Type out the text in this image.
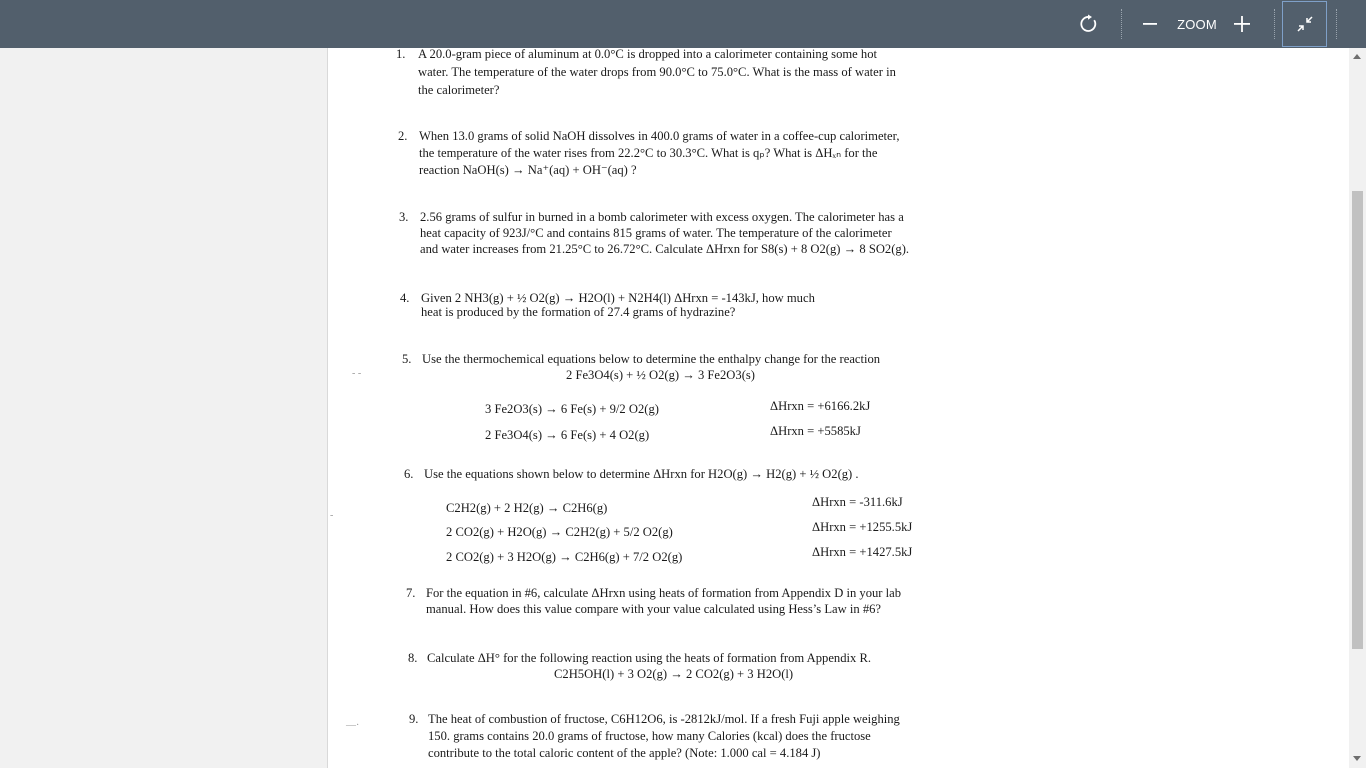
ZOOM
1. A 20.0-gram piece of aluminum at 0.0°C is dropped into a calorimeter containing some hot
water. The temperature of the water drops from 90.0°C to 75.0°C. What is the mass of water in
the calorimeter?
2. When 13.0 grams of solid NaOH dissolves in 400.0 grams of water in a coffee-cup calorimeter,
the temperature of the water rises from 22.2°C to 30.3°C. What is qₚ? What is ΔHₓₙ for the
reaction NaOH(s) → Na⁺(aq) + OH⁻(aq) ?
3. 2.56 grams of sulfur in burned in a bomb calorimeter with excess oxygen. The calorimeter has a
heat capacity of 923J/°C and contains 815 grams of water. The temperature of the calorimeter
and water increases from 21.25°C to 26.72°C. Calculate ΔHrxn for S8(s) + 8 O2(g) → 8 SO2(g).
4. Given 2 NH3(g) + ½ O2(g) → H2O(l) + N2H4(l) ΔHrxn = -143kJ, how much
heat is produced by the formation of 27.4 grams of hydrazine?
5. Use the thermochemical equations below to determine the enthalpy change for the reaction
2 Fe3O4(s) + ½ O2(g) → 3 Fe2O3(s)
3 Fe2O3(s) → 6 Fe(s) + 9/2 O2(g)	ΔHrxn = +6166.2kJ
2 Fe3O4(s) → 6 Fe(s) + 4 O2(g)	ΔHrxn = +5585kJ
6. Use the equations shown below to determine ΔHrxn for H2O(g) → H2(g) + ½ O2(g) .
C2H2(g) + 2 H2(g) → C2H6(g)	ΔHrxn = -311.6kJ
2 CO2(g) + H2O(g) → C2H2(g) + 5/2 O2(g)	ΔHrxn = +1255.5kJ
2 CO2(g) + 3 H2O(g) → C2H6(g) + 7/2 O2(g)	ΔHrxn = +1427.5kJ
7. For the equation in #6, calculate ΔHrxn using heats of formation from Appendix D in your lab
manual. How does this value compare with your value calculated using Hess’s Law in #6?
8. Calculate ΔH° for the following reaction using the heats of formation from Appendix R.
C2H5OH(l) + 3 O2(g) → 2 CO2(g) + 3 H2O(l)
9. The heat of combustion of fructose, C6H12O6, is -2812kJ/mol. If a fresh Fuji apple weighing
150. grams contains 20.0 grams of fructose, how many Calories (kcal) does the fructose
contribute to the total caloric content of the apple? (Note: 1.000 cal = 4.184 J)
- -
-
—·
